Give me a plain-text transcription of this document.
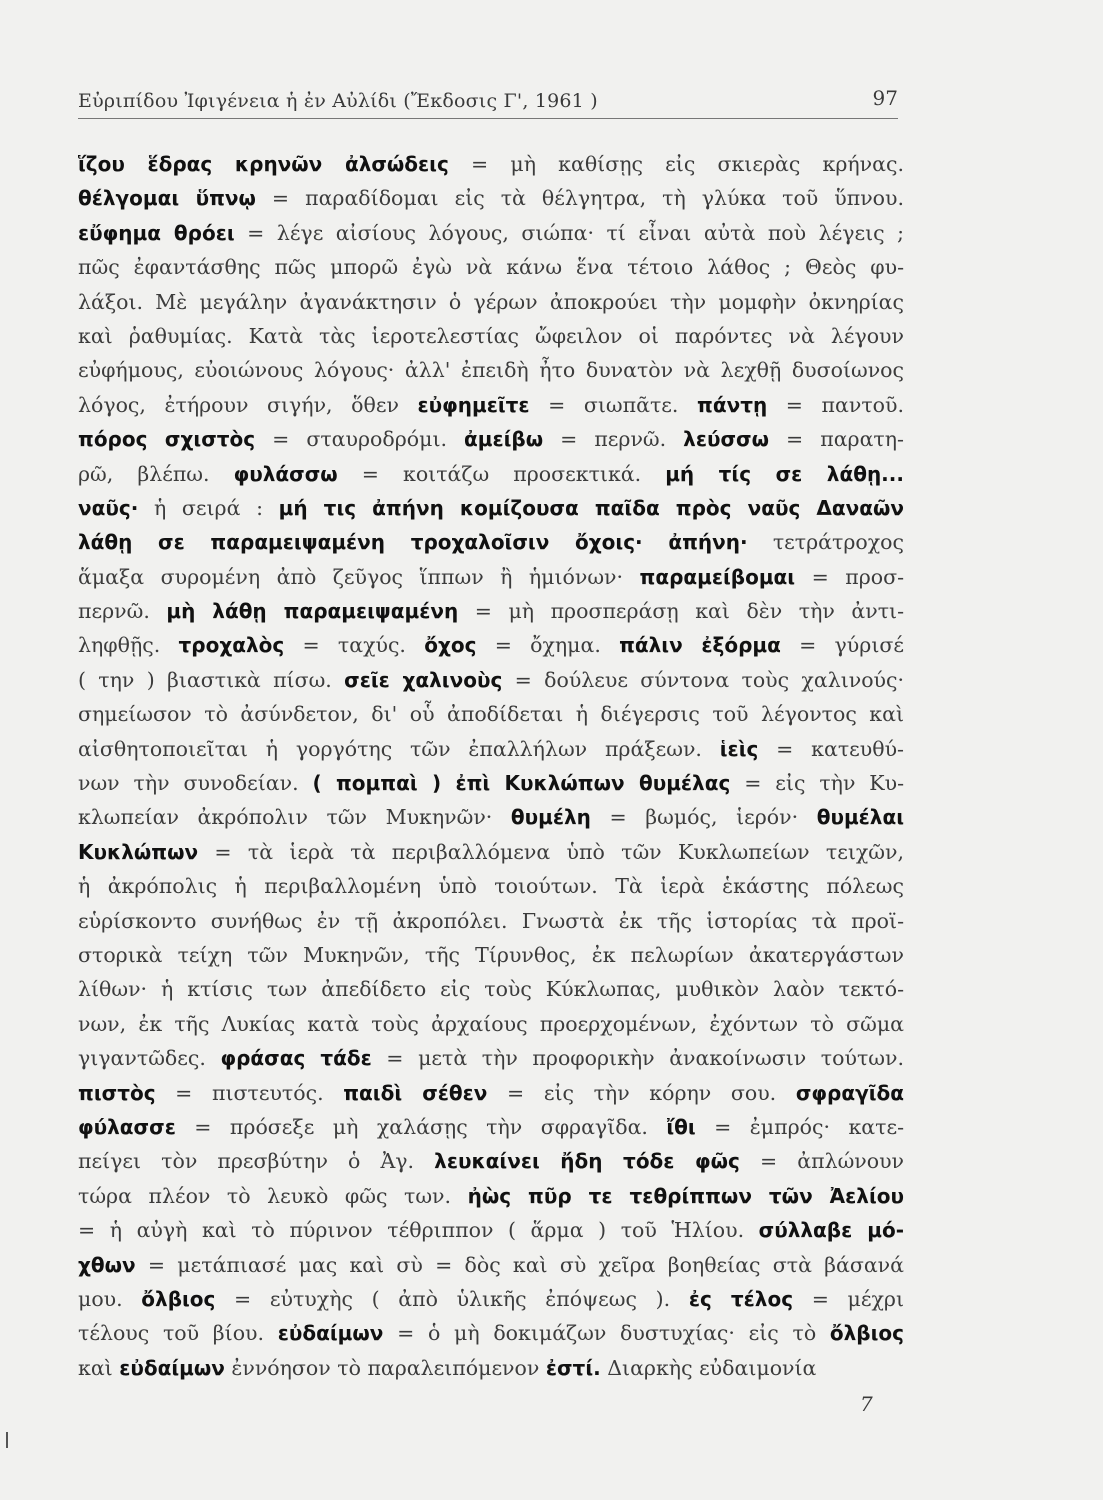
Εὐριπίδου Ἰφιγένεια ἡ ἐν Αὐλίδι (Ἔκδοσις Γ', 1961 )	97
ἵζου ἕδρας κρηνῶν ἀλσώδεις = μὴ καθίσῃς εἰς σκιερὰς κρήνας.
θέλγομαι ὕπνῳ = παραδίδομαι εἰς τὰ θέλγητρα, τὴ γλύκα τοῦ ὕπνου.
εὔφημα θρόει = λέγε αἰσίους λόγους, σιώπα· τί εἶναι αὐτὰ ποὺ λέγεις ;
πῶς ἐφαντάσθης πῶς μπορῶ ἐγὼ νὰ κάνω ἕνα τέτοιο λάθος ; Θεὸς φυ-
λάξοι. Μὲ μεγάλην ἀγανάκτησιν ὁ γέρων ἀποκρούει τὴν μομφὴν ὀκνηρίας
καὶ ῥαθυμίας. Κατὰ τὰς ἱεροτελεστίας ὤφειλον οἱ παρόντες νὰ λέγουν
εὐφήμους, εὐοιώνους λόγους· ἀλλ' ἐπειδὴ ἦτο δυνατὸν νὰ λεχθῇ δυσοίωνος
λόγος, ἐτήρουν σιγήν, ὅθεν εὐφημεῖτε = σιωπᾶτε. πάντῃ = παντοῦ.
πόρος σχιστὸς = σταυροδρόμι. ἀμείβω = περνῶ. λεύσσω = παρατη-
ρῶ, βλέπω. φυλάσσω = κοιτάζω προσεκτικά. μή τίς σε λάθῃ...
ναῦς· ἡ σειρά : μή τις ἀπήνη κομίζουσα παῖδα πρὸς ναῦς Δαναῶν
λάθῃ σε παραμειψαμένη τροχαλοῖσιν ὄχοις· ἀπήνη· τετράτροχος
ἅμαξα συρομένη ἀπὸ ζεῦγος ἵππων ἢ ἡμιόνων· παραμείβομαι = προσ-
περνῶ. μὴ λάθῃ παραμειψαμένη = μὴ προσπεράσῃ καὶ δὲν τὴν ἀντι-
ληφθῇς. τροχαλὸς = ταχύς. ὄχος = ὄχημα. πάλιν ἐξόρμα = γύρισέ
( την ) βιαστικὰ πίσω. σεῖε χαλινοὺς = δούλευε σύντονα τοὺς χαλινούς·
σημείωσον τὸ ἀσύνδετον, δι' οὗ ἀποδίδεται ἡ διέγερσις τοῦ λέγοντος καὶ
αἰσθητοποιεῖται ἡ γοργότης τῶν ἐπαλλήλων πράξεων. ἱεὶς = κατευθύ-
νων τὴν συνοδείαν. ( πομπαὶ ) ἐπὶ Κυκλώπων θυμέλας = εἰς τὴν Κυ-
κλωπείαν ἀκρόπολιν τῶν Μυκηνῶν· θυμέλη = βωμός, ἱερόν· θυμέλαι
Κυκλώπων = τὰ ἱερὰ τὰ περιβαλλόμενα ὑπὸ τῶν Κυκλωπείων τειχῶν,
ἡ ἀκρόπολις ἡ περιβαλλομένη ὑπὸ τοιούτων. Τὰ ἱερὰ ἑκάστης πόλεως
εὑρίσκοντο συνήθως ἐν τῇ ἀκροπόλει. Γνωστὰ ἐκ τῆς ἱστορίας τὰ προϊ-
στορικὰ τείχη τῶν Μυκηνῶν, τῆς Τίρυνθος, ἐκ πελωρίων ἀκατεργάστων
λίθων· ἡ κτίσις των ἀπεδίδετο εἰς τοὺς Κύκλωπας, μυθικὸν λαὸν τεκτό-
νων, ἐκ τῆς Λυκίας κατὰ τοὺς ἀρχαίους προερχομένων, ἐχόντων τὸ σῶμα
γιγαντῶδες. φράσας τάδε = μετὰ τὴν προφορικὴν ἀνακοίνωσιν τούτων.
πιστὸς = πιστευτός. παιδὶ σέθεν = εἰς τὴν κόρην σου. σφραγῖδα
φύλασσε = πρόσεξε μὴ χαλάσῃς τὴν σφραγῖδα. ἴθι = ἐμπρός· κατε-
πείγει τὸν πρεσβύτην ὁ Ἀγ. λευκαίνει ἤδη τόδε φῶς = ἀπλώνουν
τώρα πλέον τὸ λευκὸ φῶς των. ἠὼς πῦρ τε τεθρίππων τῶν Ἀελίου
= ἡ αὐγὴ καὶ τὸ πύρινον τέθριππον ( ἅρμα ) τοῦ Ἡλίου. σύλλαβε μό-
χθων = μετάπιασέ μας καὶ σὺ = δὸς καὶ σὺ χεῖρα βοηθείας στὰ βάσανά
μου. ὄλβιος = εὐτυχὴς ( ἀπὸ ὑλικῆς ἐπόψεως ). ἐς τέλος = μέχρι
τέλους τοῦ βίου. εὐδαίμων = ὁ μὴ δοκιμάζων δυστυχίας· εἰς τὸ ὄλβιος
καὶ εὐδαίμων ἐννόησον τὸ παραλειπόμενον ἐστί. Διαρκὴς εὐδαιμονία
7
